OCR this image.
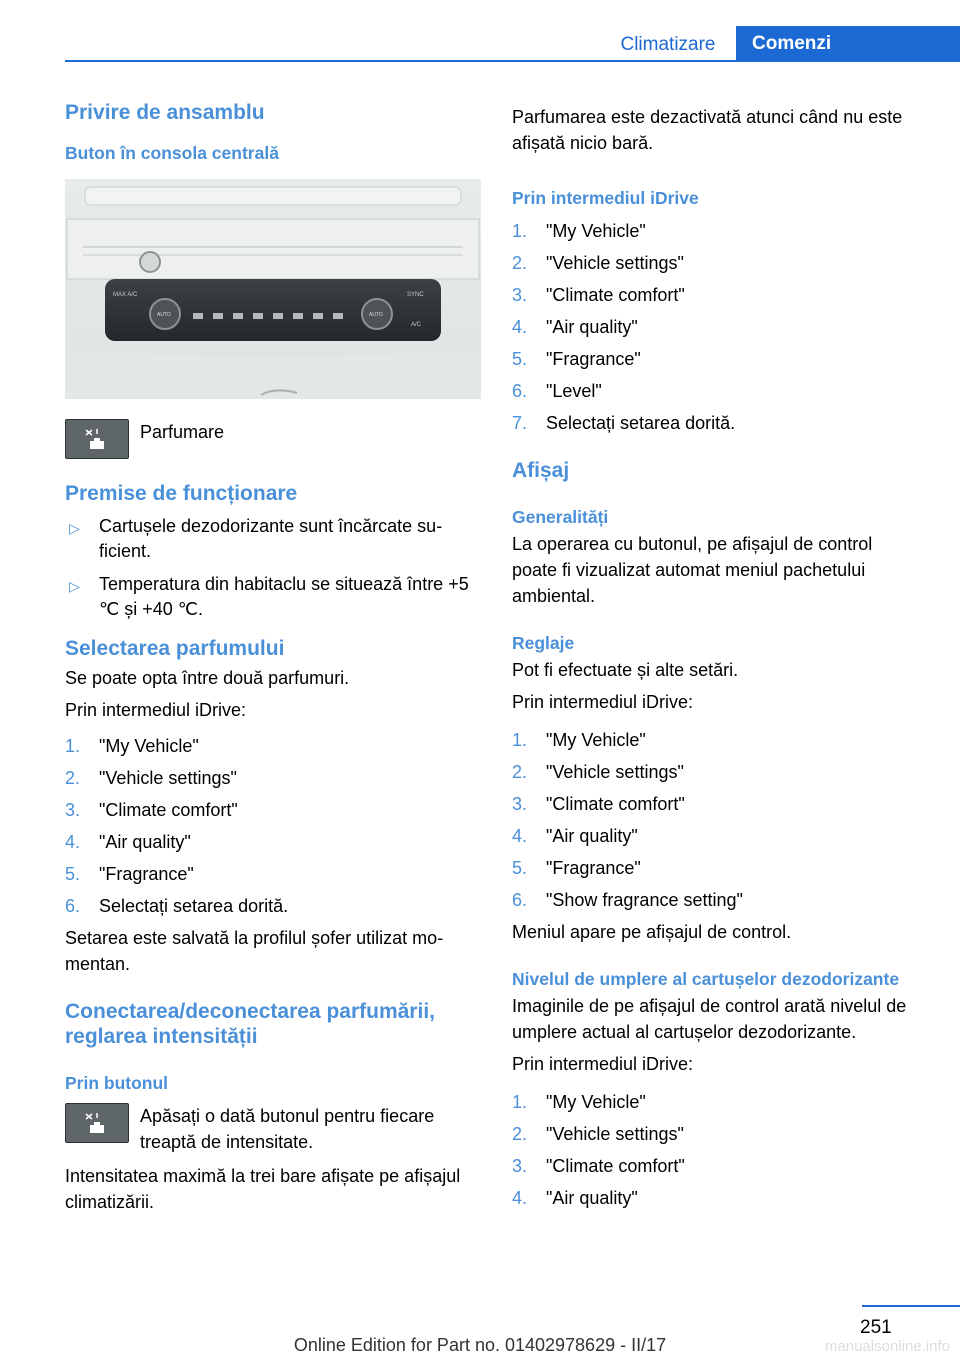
Climatizare	Comenzi
Privire de ansamblu
Buton în consola centrală
MAX A/C
AUTO	AUTO
SYNC
A/C
Parfumare
Premise de funcționare
▷ Cartușele dezodorizante sunt încărcate suficient.
▷ Temperatura din habitaclu se situează între +5 ℃ și +40 ℃.
Selectarea parfumului
Se poate opta între două parfumuri.
Prin intermediul iDrive:
1. "My Vehicle"
2. "Vehicle settings"
3. "Climate comfort"
4. "Air quality"
5. "Fragrance"
6. Selectați setarea dorită.
Setarea este salvată la profilul șofer utilizat momentan.
Conectarea/deconectarea parfumării, reglarea intensității
Prin butonul
Apăsați o dată butonul pentru fiecare treaptă de intensitate.
Intensitatea maximă la trei bare afișate pe afișajul climatizării.
Parfumarea este dezactivată atunci când nu este afișată nicio bară.
Prin intermediul iDrive
1. "My Vehicle"
2. "Vehicle settings"
3. "Climate comfort"
4. "Air quality"
5. "Fragrance"
6. "Level"
7. Selectați setarea dorită.
Afișaj
Generalități
La operarea cu butonul, pe afișajul de control poate fi vizualizat automat meniul pachetului ambiental.
Reglaje
Pot fi efectuate și alte setări.
Prin intermediul iDrive:
1. "My Vehicle"
2. "Vehicle settings"
3. "Climate comfort"
4. "Air quality"
5. "Fragrance"
6. "Show fragrance setting"
Meniul apare pe afișajul de control.
Nivelul de umplere al cartușelor dezodorizante
Imaginile de pe afișajul de control arată nivelul de umplere actual al cartușelor dezodorizante.
Prin intermediul iDrive:
1. "My Vehicle"
2. "Vehicle settings"
3. "Climate comfort"
4. "Air quality"
251
Online Edition for Part no. 01402978629 - II/17	manualsonline.info
